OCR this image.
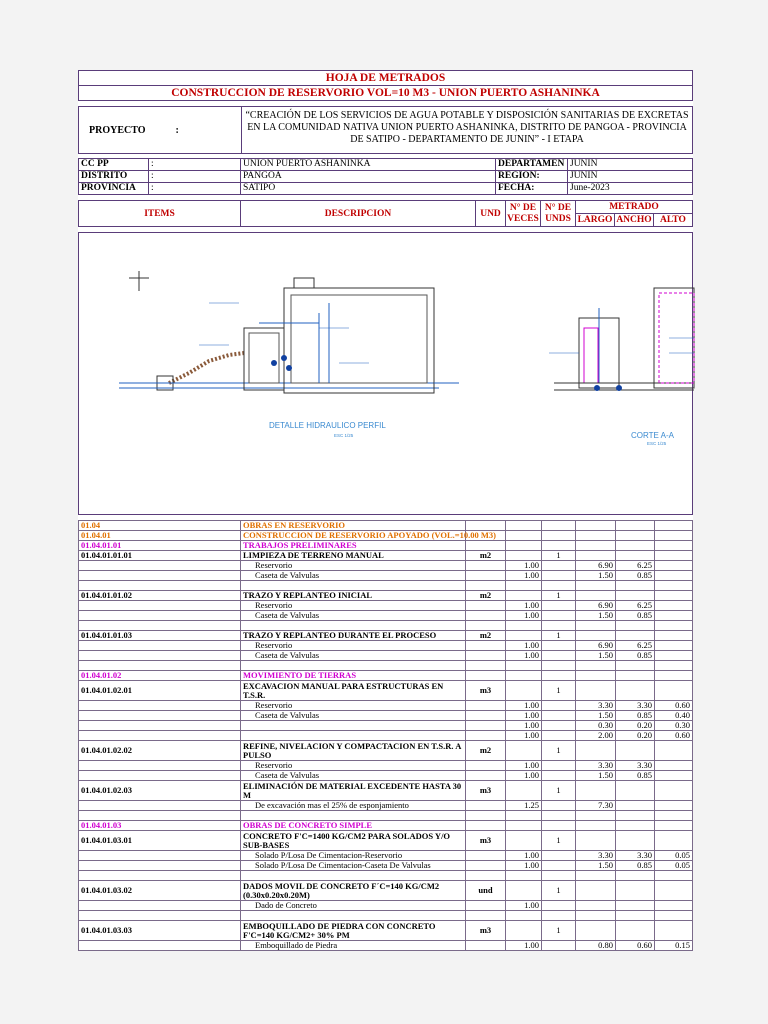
HOJA DE METRADOS
CONSTRUCCION DE RESERVORIO VOL=10 M3 - UNION PUERTO ASHANINKA
PROYECTO	:
“CREACIÓN DE LOS SERVICIOS DE AGUA POTABLE Y DISPOSICIÓN SANITARIAS DE EXCRETAS EN LA COMUNIDAD NATIVA UNION PUERTO ASHANINKA, DISTRITO DE PANGOA - PROVINCIA DE SATIPO - DEPARTAMENTO DE JUNIN” - I ETAPA
CC PP	:	UNION PUERTO ASHANINKA	DEPARTAMEN	JUNIN
DISTRITO	:	PANGOA	REGION:	JUNIN
PROVINCIA	:	SATIPO	FECHA:	June-2023
ITEMS	DESCRIPCION	UND	N° DE VECES	N° DE UNDS	METRADO		
					LARGO	ANCHO	ALTO
DETALLE HIDRAULICO PERFIL
ESC 1/25	CORTE A-A
ESC 1/25
01.04	OBRAS EN RESERVORIO						
01.04.01	CONSTRUCCION DE RESERVORIO APOYADO (VOL.=10.00 M3)						
01.04.01.01	TRABAJOS PRELIMINARES						
01.04.01.01.01	LIMPIEZA DE TERRENO MANUAL	m2		1			
	Reservorio		1.00		6.90	6.25	
	Caseta de Valvulas		1.00		1.50	0.85	

01.04.01.01.02	TRAZO Y REPLANTEO INICIAL	m2		1			
	Reservorio		1.00		6.90	6.25	
	Caseta de Valvulas		1.00		1.50	0.85	

01.04.01.01.03	TRAZO Y REPLANTEO DURANTE EL PROCESO	m2		1			
	Reservorio		1.00		6.90	6.25	
	Caseta de Valvulas		1.00		1.50	0.85	

01.04.01.02	MOVIMIENTO DE TIERRAS						
01.04.01.02.01	EXCAVACION MANUAL PARA ESTRUCTURAS EN T.S.R.	m3		1			
	Reservorio		1.00		3.30	3.30	0.60
	Caseta de Valvulas		1.00		1.50	0.85	0.40
			1.00		0.30	0.20	0.30
			1.00		2.00	0.20	0.60
01.04.01.02.02	REFINE, NIVELACION Y COMPACTACION EN T.S.R. A PULSO	m2		1			
	Reservorio		1.00		3.30	3.30	
	Caseta de Valvulas		1.00		1.50	0.85	
01.04.01.02.03	ELIMINACIÓN DE MATERIAL EXCEDENTE HASTA 30 M	m3		1			
	De excavación mas el 25% de esponjamiento		1.25		7.30		

01.04.01.03	OBRAS DE CONCRETO SIMPLE						
01.04.01.03.01	CONCRETO F'C=1400 KG/CM2 PARA SOLADOS Y/O SUB-BASES	m3		1			
	Solado P/Losa De Cimentacion-Reservorio		1.00		3.30	3.30	0.05
	Solado P/Losa De Cimentacion-Caseta De Valvulas		1.00		1.50	0.85	0.05

01.04.01.03.02	DADOS MOVIL DE CONCRETO F´C=140 KG/CM2 (0.30x0.20x0.20M)	und		1			
	Dado de Concreto		1.00				

01.04.01.03.03	EMBOQUILLADO DE PIEDRA CON CONCRETO F'C=140 KG/CM2+ 30% PM	m3		1			
	Emboquillado de Piedra		1.00		0.80	0.60	0.15
